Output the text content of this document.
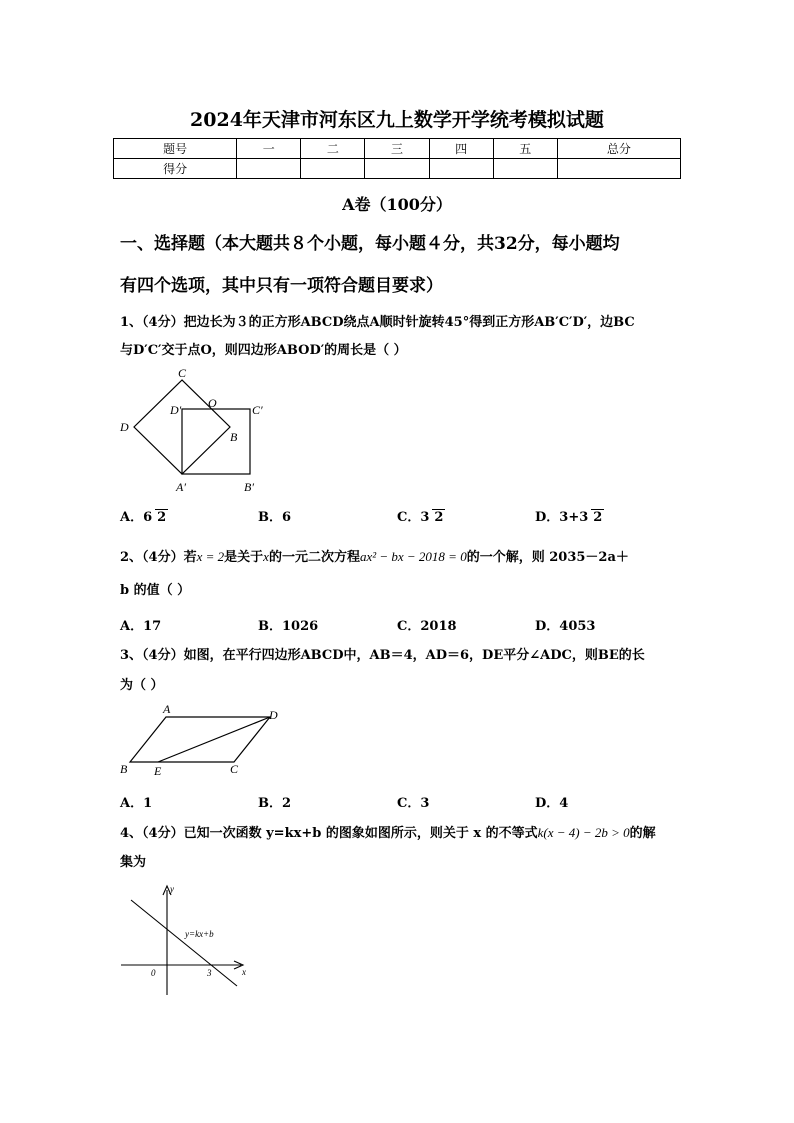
2024年天津市河东区九上数学开学统考模拟试题
题号	一	二	三	四	五	总分
得分						
A卷（100分）
一、选择题（本大题共８个小题，每小题４分，共32分，每小题均
有四个选项，其中只有一项符合题目要求）
1、（4分）把边长为３的正方形ABCD绕点A顺时针旋转45°得到正方形AB′C′D′，边BC
与D′C′交于点O，则四边形ABOD′的周长是（ ）
C
D
D′ O	C′
B
A′	B′
A．6 2	B．6	C．3 2	D．3+3 2
2、（4分）若x = 2是关于x的一元二次方程ax² − bx − 2018 = 0的一个解，则 2035－2a＋
b 的值（ ）
A．17	B．1026	C．2018	D．4053
3、（4分）如图，在平行四边形ABCD中，AB＝4，AD＝6，DE平分∠ADC，则BE的长
为（ ）
A	D
B E	C
A．1	B．2	C．3	D．4
4、（4分）已知一次函数 y=kx+b 的图象如图所示，则关于 x 的不等式k(x − 4) − 2b > 0的解
集为
y
x
0	3
y=kx+b
